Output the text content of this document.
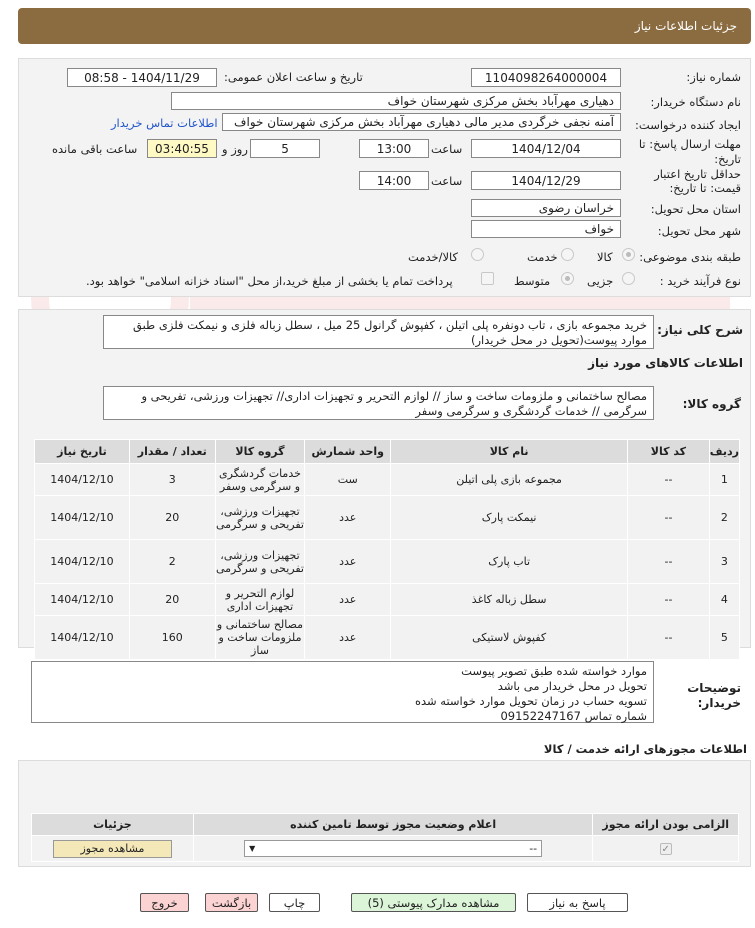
جزئیات اطلاعات نیاز
شماره نیاز:
1104098264000004
تاریخ و ساعت اعلان عمومی:
1404/11/29 - 08:58
نام دستگاه خریدار:
دهیاری مهرآباد بخش مرکزی شهرستان خواف
ایجاد کننده درخواست:
آمنه نجفی خرگردی مدیر مالی دهیاری مهرآباد بخش مرکزی شهرستان خواف
اطلاعات تماس خریدار
مهلت ارسال پاسخ: تا
تاریخ:
1404/12/04
ساعت
13:00
5
روز و
03:40:55
ساعت باقی مانده
حداقل تاریخ اعتبار
قیمت: تا تاریخ:
1404/12/29
ساعت
14:00
استان محل تحویل:
خراسان رضوی
شهر محل تحویل:
خواف
طبقه بندی موضوعی:
کالا
خدمت
کالا/خدمت
نوع فرآیند خرید :
جزیی
متوسط
پرداخت تمام یا بخشی از مبلغ خرید،از محل "اسناد خزانه اسلامی" خواهد بود.
شرح کلی نیاز:
خرید مجموعه بازی ، تاب دونفره پلی اتیلن ، کفپوش گرانول 25 میل ، سطل زباله فلزی و نیمکت فلزی طبق موارد پیوست(تحویل در محل خریدار)
اطلاعات کالاهای مورد نیاز
گروه کالا:
مصالح ساختمانی و ملزومات ساخت و ساز // لوازم التحریر و تجهیزات اداری// تجهیزات ورزشی، تفریحی و سرگرمی // خدمات گردشگری و سرگرمی وسفر
ردیف	کد کالا	نام کالا	واحد شمارش	گروه کالا	تعداد / مقدار	تاریخ نیاز
1	--	مجموعه بازی پلی اتیلن	ست	خدمات گردشگری و سرگرمی وسفر	3	1404/12/10
2	--	نیمکت پارک	عدد	تجهیزات ورزشی، تفریحی و سرگرمی	20	1404/12/10
3	--	تاب پارک	عدد	تجهیزات ورزشی، تفریحی و سرگرمی	2	1404/12/10
4	--	سطل زباله کاغذ	عدد	لوازم التحریر و تجهیزات اداری	20	1404/12/10
5	--	کفپوش لاستیکی	عدد	مصالح ساختمانی و ملزومات ساخت و ساز	160	1404/12/10
موارد خواسته شده طبق تصویر پیوست
تحویل در محل خریدار می باشد
تسویه حساب در زمان تحویل موارد خواسته شده
شماره تماس 09152247167
توضیحات
خریدار:
اطلاعات مجوزهای ارائه خدمت / کالا
الزامی بودن ارائه مجوز	اعلام وضعیت مجوز توسط تامین کننده	جزئیات
✓	▼ --	مشاهده مجوز
پاسخ به نیاز
مشاهده مدارک پیوستی (5)
چاپ
بازگشت
خروج
